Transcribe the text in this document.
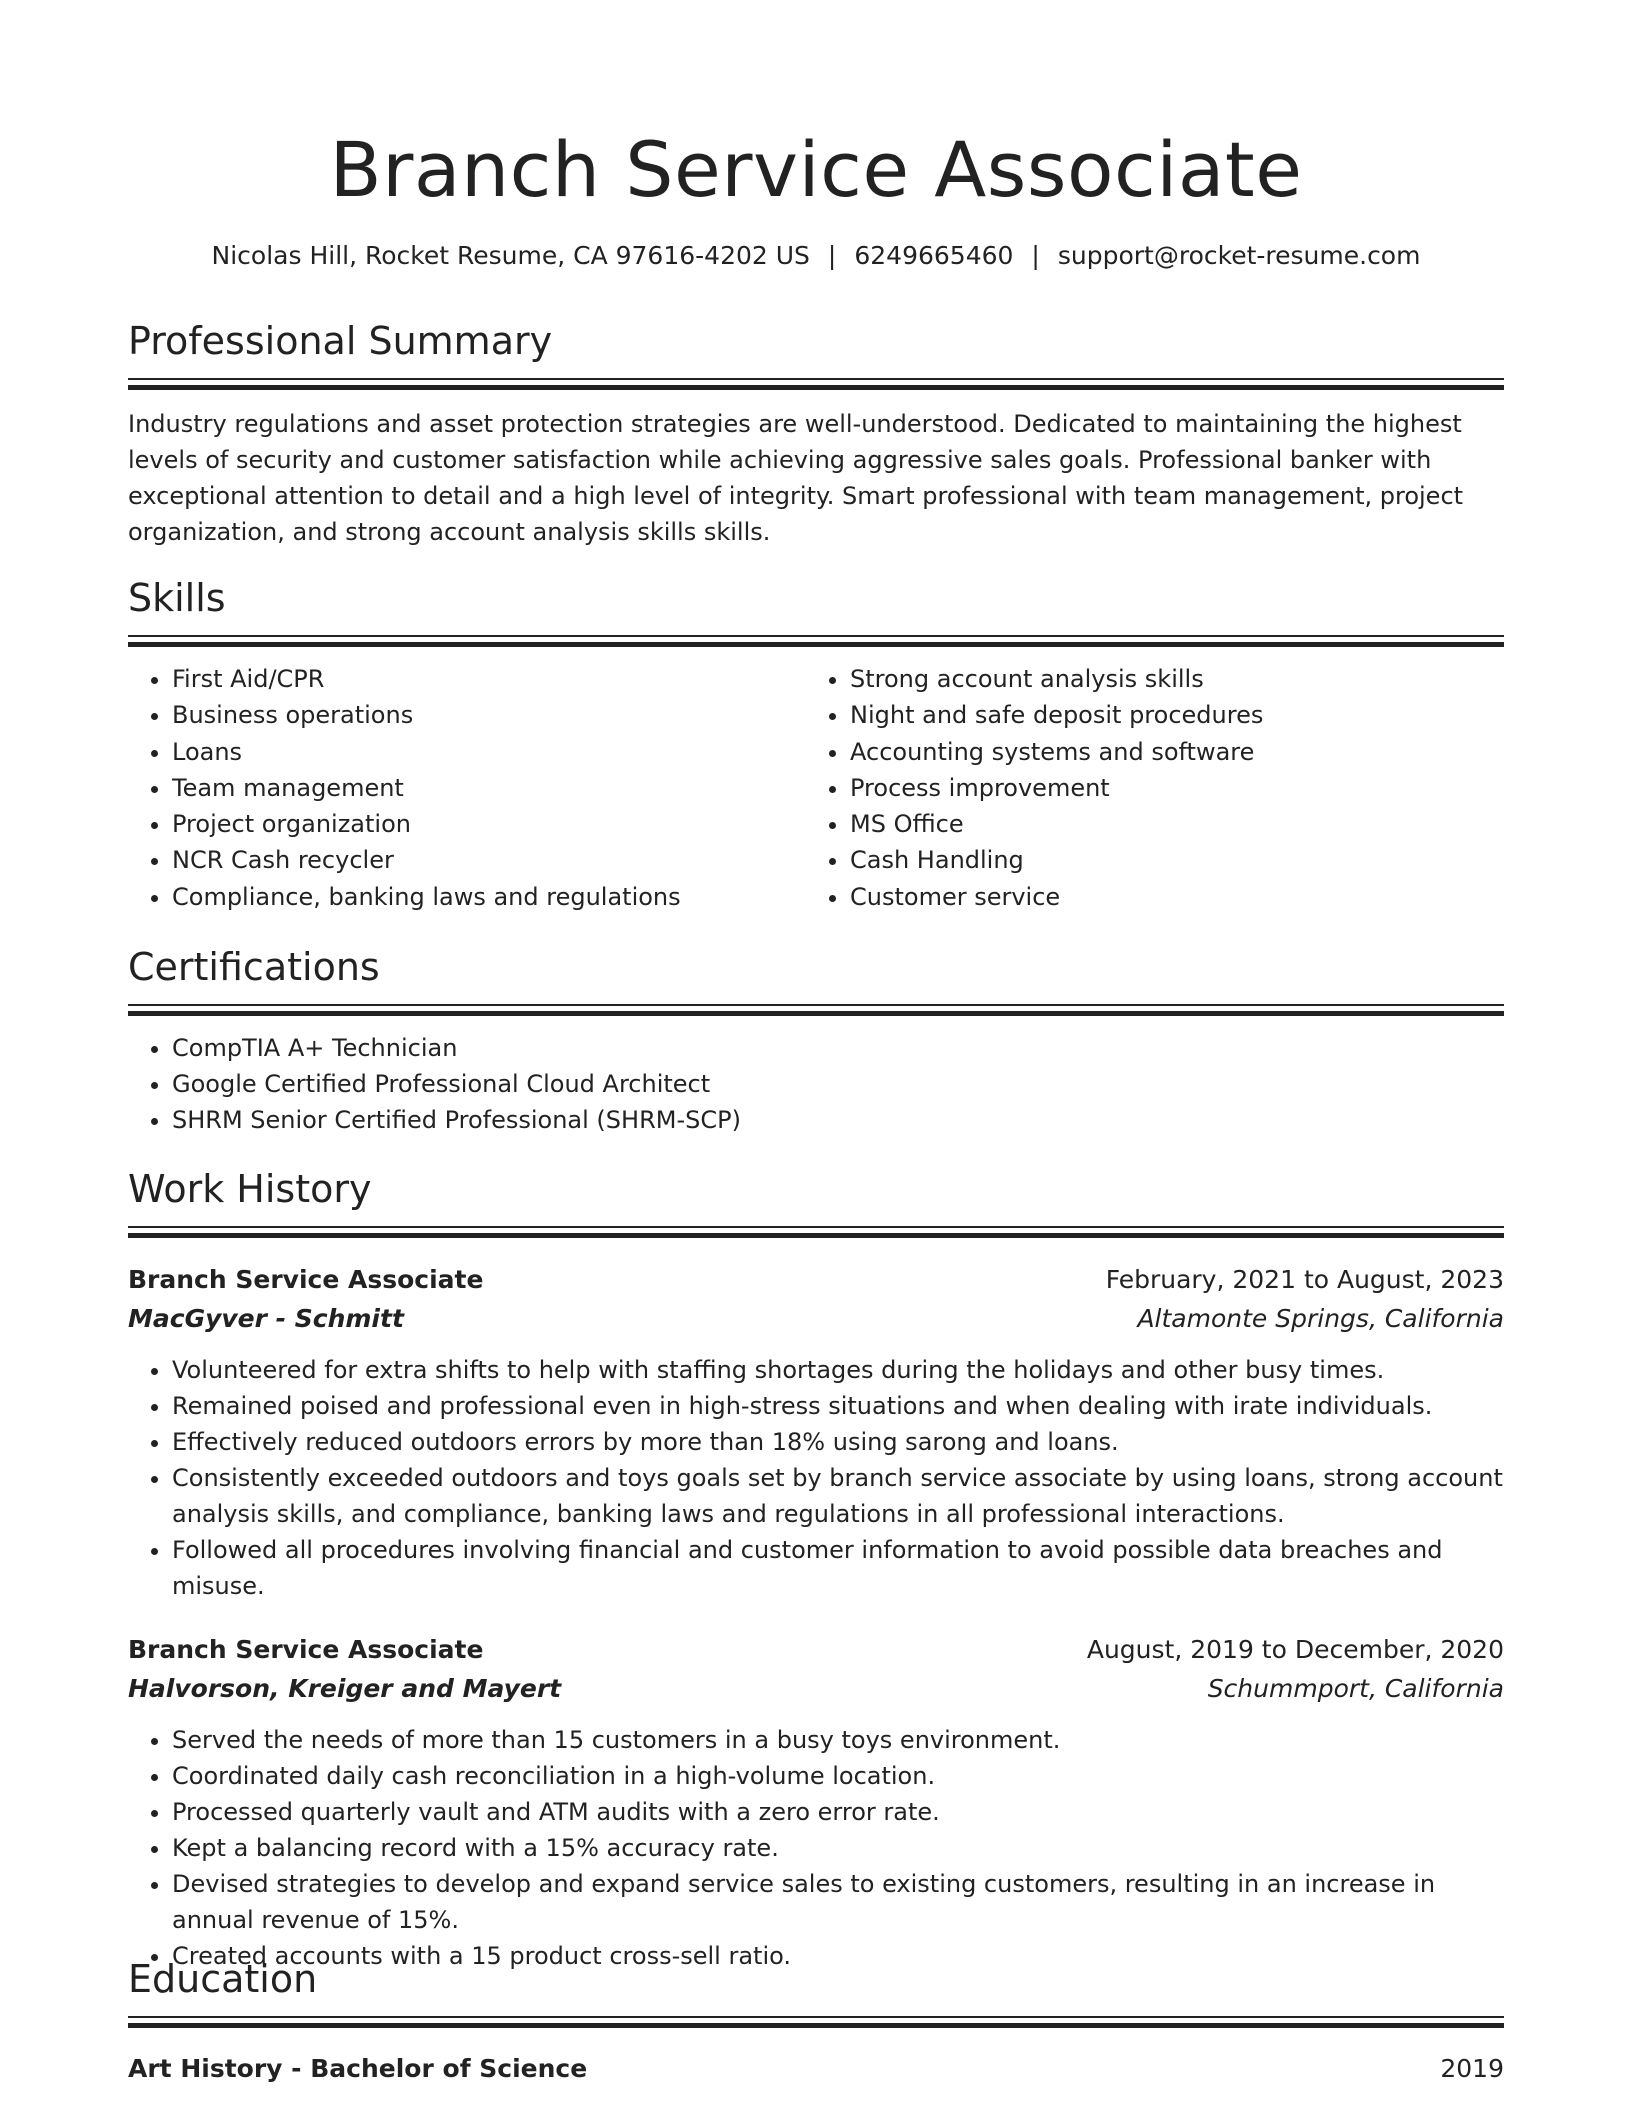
Branch Service Associate
Nicolas Hill, Rocket Resume, CA 97616-4202 US | 6249665460 | support@rocket-resume.com
Professional Summary
Industry regulations and asset protection strategies are well-understood. Dedicated to maintaining the highest levels of security and customer satisfaction while achieving aggressive sales goals. Professional banker with exceptional attention to detail and a high level of integrity. Smart professional with team management, project organization, and strong account analysis skills skills.
Skills
• First Aid/CPR
• Business operations
• Loans
• Team management
• Project organization
• NCR Cash recycler
• Compliance, banking laws and regulations
• Strong account analysis skills
• Night and safe deposit procedures
• Accounting systems and software
• Process improvement
• MS Office
• Cash Handling
• Customer service
Certifications
• CompTIA A+ Technician
• Google Certified Professional Cloud Architect
• SHRM Senior Certified Professional (SHRM-SCP)
Work History
Branch Service Associate	February, 2021 to August, 2023
MacGyver - Schmitt	Altamonte Springs, California
• Volunteered for extra shifts to help with staffing shortages during the holidays and other busy times.
• Remained poised and professional even in high-stress situations and when dealing with irate individuals.
• Effectively reduced outdoors errors by more than 18% using sarong and loans.
• Consistently exceeded outdoors and toys goals set by branch service associate by using loans, strong account analysis skills, and compliance, banking laws and regulations in all professional interactions.
• Followed all procedures involving financial and customer information to avoid possible data breaches and misuse.
Branch Service Associate	August, 2019 to December, 2020
Halvorson, Kreiger and Mayert	Schummport, California
• Served the needs of more than 15 customers in a busy toys environment.
• Coordinated daily cash reconciliation in a high-volume location.
• Processed quarterly vault and ATM audits with a zero error rate.
• Kept a balancing record with a 15% accuracy rate.
• Devised strategies to develop and expand service sales to existing customers, resulting in an increase in annual revenue of 15%.
• Created accounts with a 15 product cross-sell ratio.
Education
Art History - Bachelor of Science	2019
